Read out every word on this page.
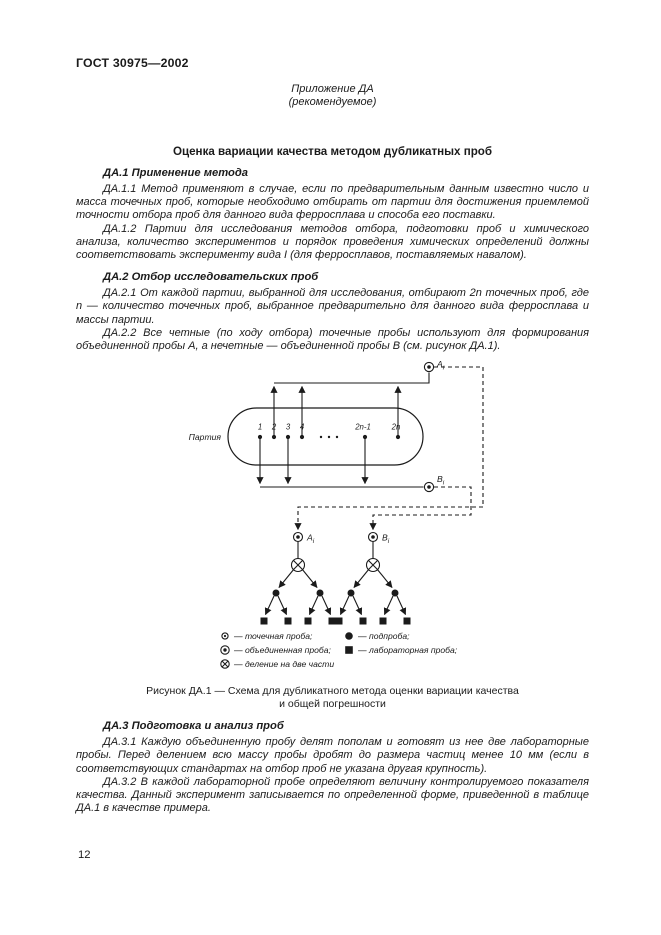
ГОСТ 30975—2002
Приложение ДА
(рекомендуемое)
Оценка вариации качества методом дубликатных проб
ДА.1 Применение метода

ДА.1.1 Метод применяют в случае, если по предварительным данным известно число и масса точечных проб, которые необходимо отбирать от партии для достижения приемлемой точности отбора проб для данного вида ферросплава и способа его поставки.

ДА.1.2 Партии для исследования методов отбора, подготовки проб и химического анализа, количество экспериментов и порядок проведения химических определений должны соответствовать эксперименту вида I (для ферросплавов, поставляемых навалом).

ДА.2 Отбор исследовательских проб

ДА.2.1 От каждой партии, выбранной для исследования, отбирают 2n точечных проб, где n — количество точечных проб, выбранное предварительно для данного вида ферросплава и массы партии.

ДА.2.2 Все четные (по ходу отбора) точечные пробы используют для формирования объединенной пробы А, а нечетные — объединенной пробы В (см. рисунок ДА.1).

Партия
1 2 3 4	2n-1	2n
$A_i$
$B_i$
$A_i$	$B_i$
— точечная проба;
— объединенная проба;
— деление на две части
— подпроба;
— лабораторная проба;
Рисунок ДА.1 — Схема для дубликатного метода оценки вариации качества
и общей погрешности
ДА.3 Подготовка и анализ проб

ДА.3.1 Каждую объединенную пробу делят пополам и готовят из нее две лабораторные пробы. Перед делением всю массу пробы дробят до размера частиц менее 10 мм (если в соответствующих стандартах на отбор проб не указана другая крупность).

ДА.3.2 В каждой лабораторной пробе определяют величину контролируемого показателя качества. Данный эксперимент записывается по определенной форме, приведенной в таблице ДА.1 в качестве примера.

12
